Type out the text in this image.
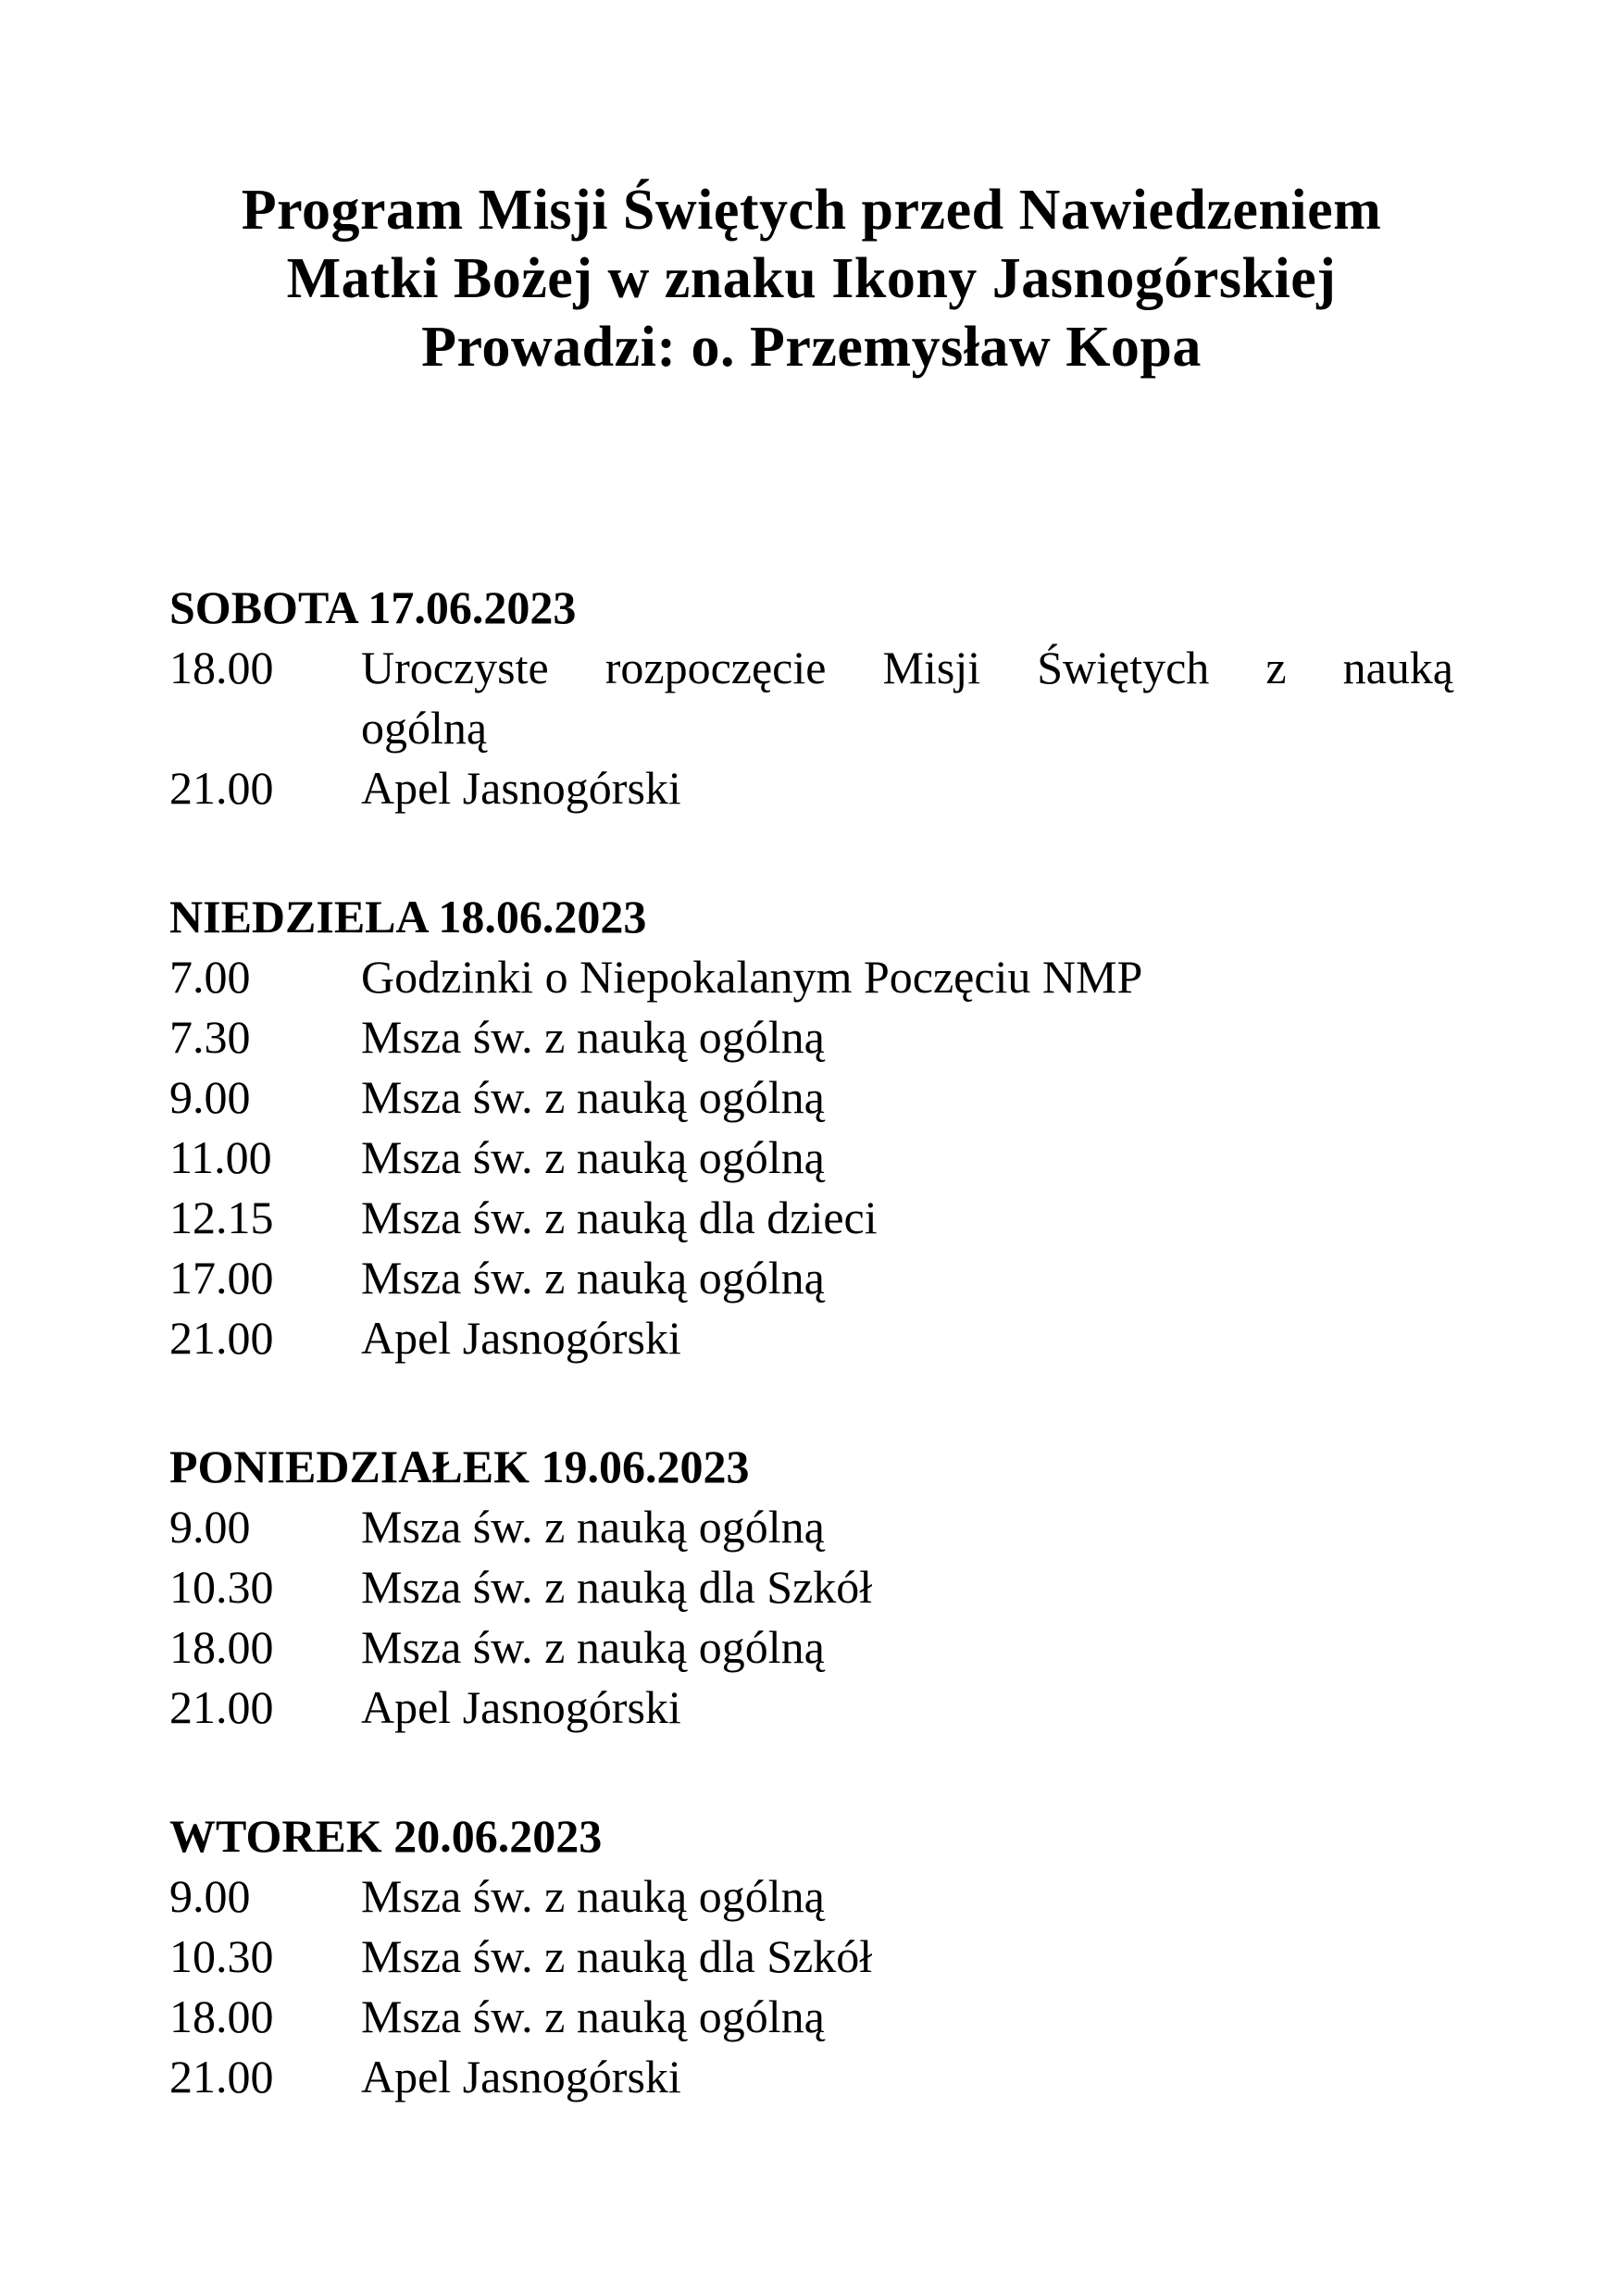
Program Misji Świętych przed Nawiedzeniem
Matki Bożej w znaku Ikony Jasnogórskiej
Prowadzi: o. Przemysław Kopa
SOBOTA 17.06.2023
18.00	Uroczyste rozpoczęcie Misji Świętych z nauką
ogólną
21.00	Apel Jasnogórski
NIEDZIELA 18.06.2023
7.00	Godzinki o Niepokalanym Poczęciu NMP
7.30	Msza św. z nauką ogólną
9.00	Msza św. z nauką ogólną
11.00	Msza św. z nauką ogólną
12.15	Msza św. z nauką dla dzieci
17.00	Msza św. z nauką ogólną
21.00	Apel Jasnogórski
PONIEDZIAŁEK 19.06.2023
9.00	Msza św. z nauką ogólną
10.30	Msza św. z nauką dla Szkół
18.00	Msza św. z nauką ogólną
21.00	Apel Jasnogórski
WTOREK 20.06.2023
9.00	Msza św. z nauką ogólną
10.30	Msza św. z nauką dla Szkół
18.00	Msza św. z nauką ogólną
21.00	Apel Jasnogórski
